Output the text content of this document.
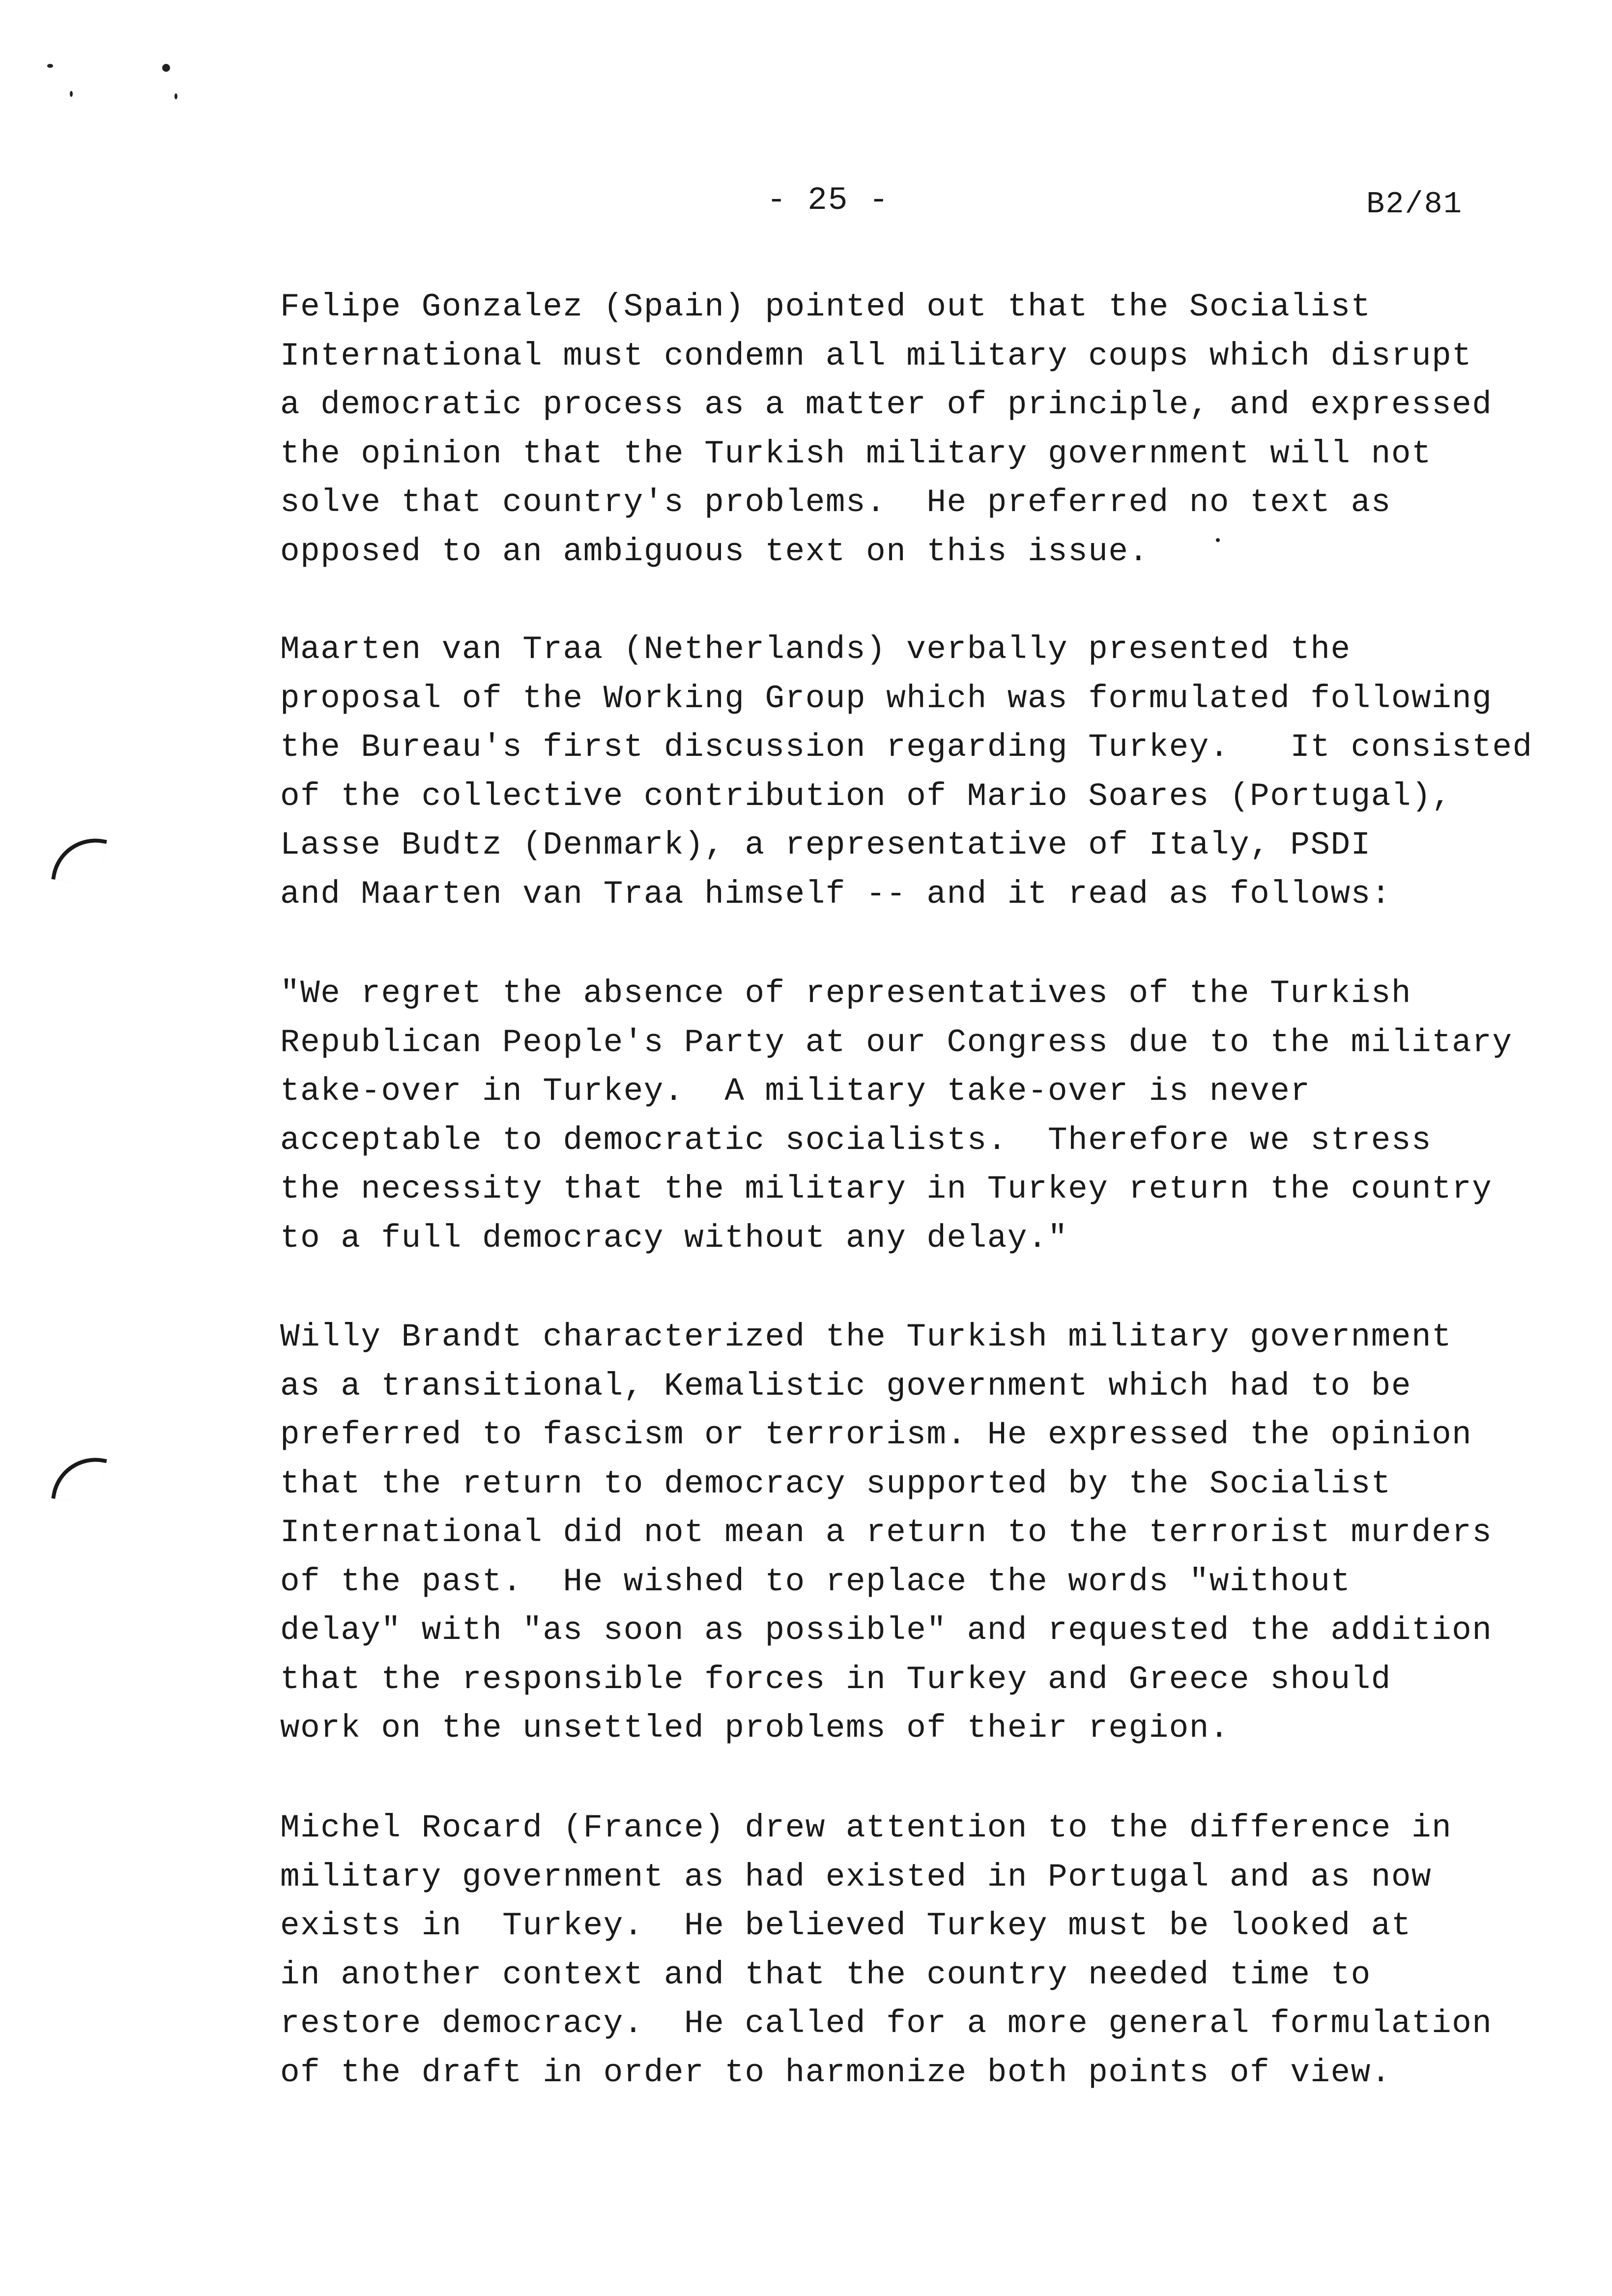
- 25 -	B2/81
Felipe Gonzalez (Spain) pointed out that the Socialist
International must condemn all military coups which disrupt
a democratic process as a matter of principle, and expressed
the opinion that the Turkish military government will not
solve that country's problems.  He preferred no text as
opposed to an ambiguous text on this issue.
Maarten van Traa (Netherlands) verbally presented the
proposal of the Working Group which was formulated following
the Bureau's first discussion regarding Turkey.   It consisted
of the collective contribution of Mario Soares (Portugal),
Lasse Budtz (Denmark), a representative of Italy, PSDI
and Maarten van Traa himself -- and it read as follows:
"We regret the absence of representatives of the Turkish
Republican People's Party at our Congress due to the military
take-over in Turkey.  A military take-over is never
acceptable to democratic socialists.  Therefore we stress
the necessity that the military in Turkey return the country
to a full democracy without any delay."
Willy Brandt characterized the Turkish military government
as a transitional, Kemalistic government which had to be
preferred to fascism or terrorism. He expressed the opinion
that the return to democracy supported by the Socialist
International did not mean a return to the terrorist murders
of the past.  He wished to replace the words "without
delay" with "as soon as possible" and requested the addition
that the responsible forces in Turkey and Greece should
work on the unsettled problems of their region.
Michel Rocard (France) drew attention to the difference in
military government as had existed in Portugal and as now
exists in  Turkey.  He believed Turkey must be looked at
in another context and that the country needed time to
restore democracy.  He called for a more general formulation
of the draft in order to harmonize both points of view.
